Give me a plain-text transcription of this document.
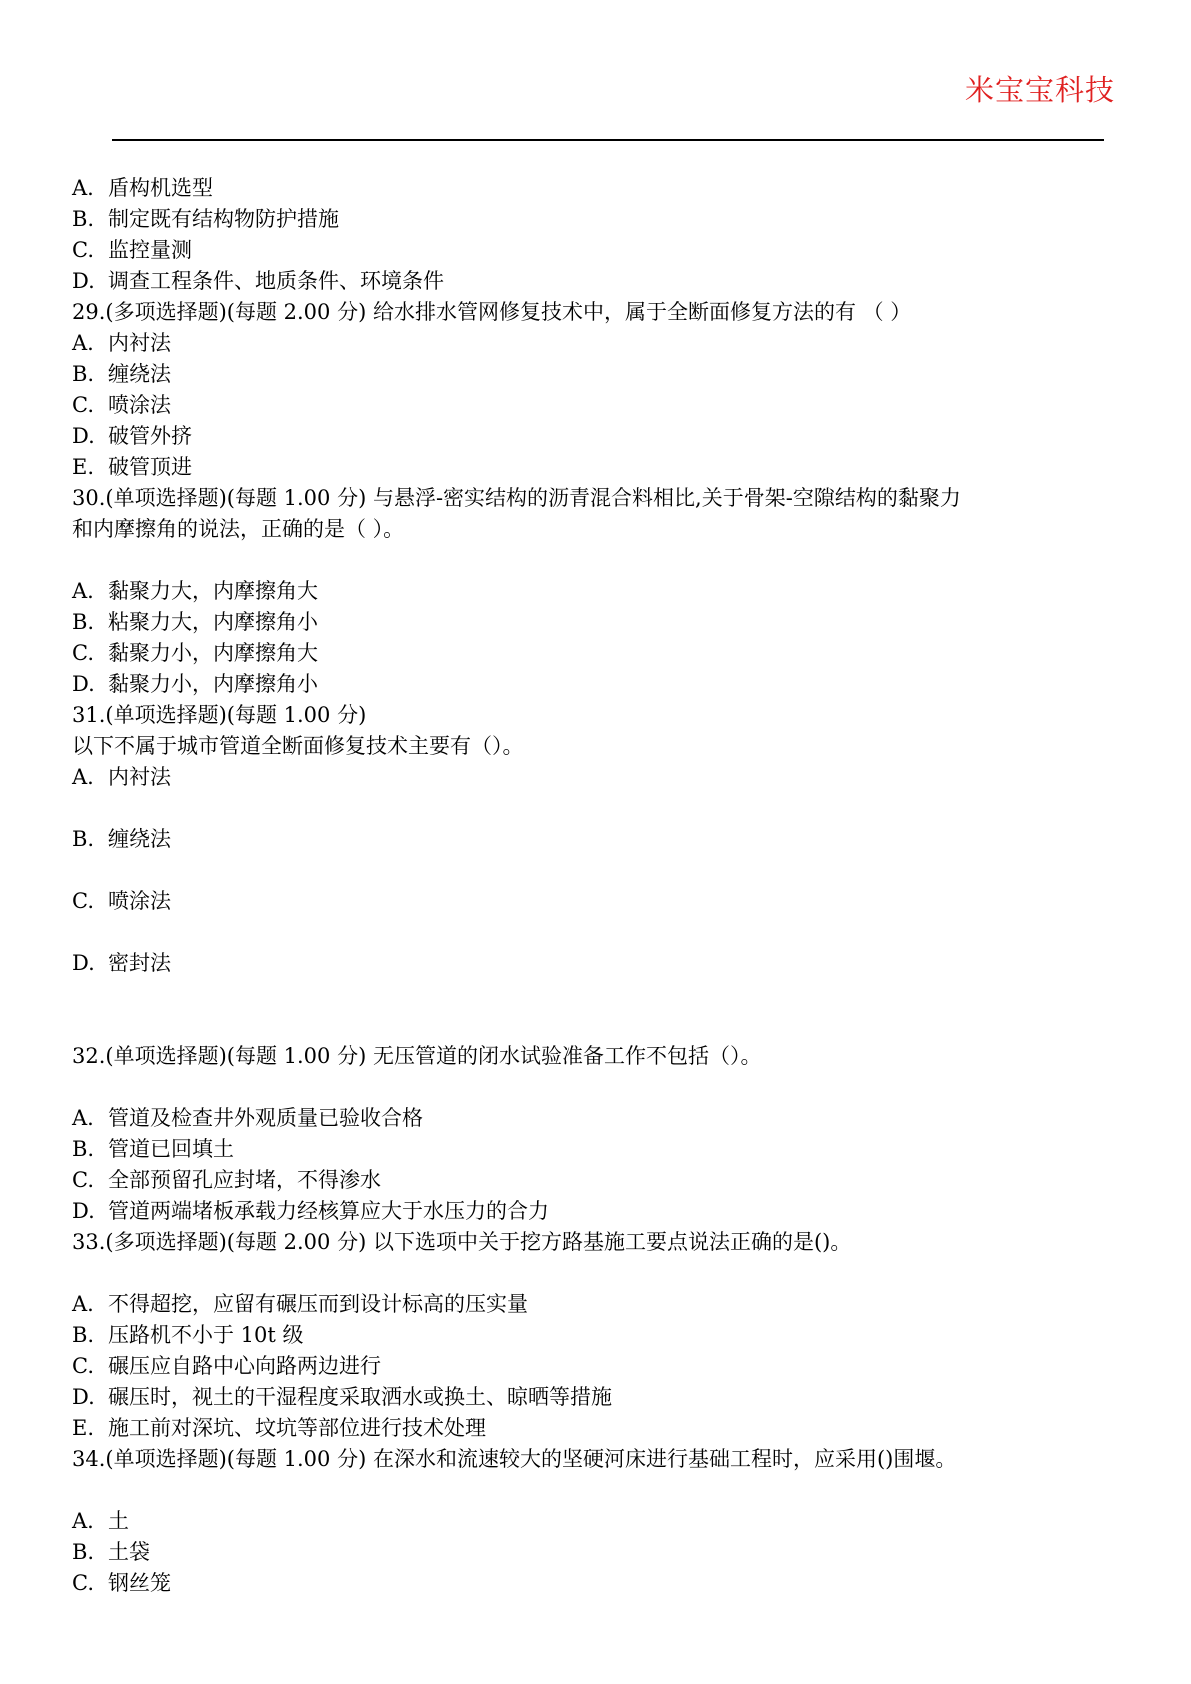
米宝宝科技
A. 盾构机选型
B. 制定既有结构物防护措施
C. 监控量测
D. 调查工程条件、地质条件、环境条件
29.(多项选择题)(每题 2.00 分) 给水排水管网修复技术中，属于全断面修复方法的有 （ ）
A. 内衬法
B. 缠绕法
C. 喷涂法
D. 破管外挤
E. 破管顶进
30.(单项选择题)(每题 1.00 分) 与悬浮-密实结构的沥青混合料相比,关于骨架-空隙结构的黏聚力
和内摩擦角的说法，正确的是（ ）。
A. 黏聚力大，内摩擦角大
B. 粘聚力大，内摩擦角小
C. 黏聚力小，内摩擦角大
D. 黏聚力小，内摩擦角小
31.(单项选择题)(每题 1.00 分)
以下不属于城市管道全断面修复技术主要有（）。
A. 内衬法
B. 缠绕法
C. 喷涂法
D. 密封法
32.(单项选择题)(每题 1.00 分) 无压管道的闭水试验准备工作不包括（）。
A. 管道及检查井外观质量已验收合格
B. 管道已回填土
C. 全部预留孔应封堵，不得渗水
D. 管道两端堵板承载力经核算应大于水压力的合力
33.(多项选择题)(每题 2.00 分) 以下选项中关于挖方路基施工要点说法正确的是()。
A. 不得超挖，应留有碾压而到设计标高的压实量
B. 压路机不小于 10t 级
C. 碾压应自路中心向路两边进行
D. 碾压时，视土的干湿程度采取洒水或换土、晾晒等措施
E. 施工前对深坑、坟坑等部位进行技术处理
34.(单项选择题)(每题 1.00 分) 在深水和流速较大的坚硬河床进行基础工程时，应采用()围堰。
A. 土
B. 土袋
C. 钢丝笼
